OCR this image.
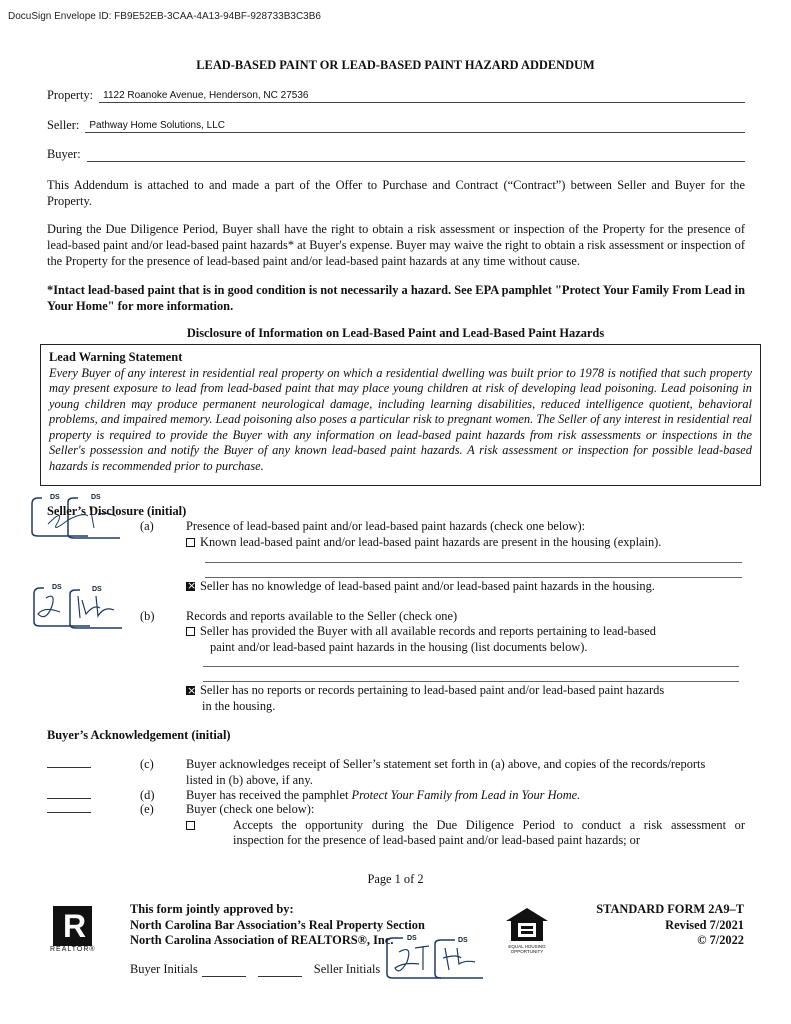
DocuSign Envelope ID: FB9E52EB-3CAA-4A13-94BF-928733B3C3B6
LEAD-BASED PAINT OR LEAD-BASED PAINT HAZARD ADDENDUM
Property:	1122 Roanoke Avenue, Henderson, NC 27536
Seller:	Pathway Home Solutions, LLC
Buyer:
This Addendum is attached to and made a part of the Offer to Purchase and Contract (“Contract”) between Seller and Buyer for the Property.
During the Due Diligence Period, Buyer shall have the right to obtain a risk assessment or inspection of the Property for the presence of lead-based paint and/or lead-based paint hazards* at Buyer's expense. Buyer may waive the right to obtain a risk assessment or inspection of the Property for the presence of lead-based paint and/or lead-based paint hazards at any time without cause.
*Intact lead-based paint that is in good condition is not necessarily a hazard. See EPA pamphlet "Protect Your Family From Lead in Your Home" for more information.
Disclosure of Information on Lead-Based Paint and Lead-Based Paint Hazards
Lead Warning Statement
Every Buyer of any interest in residential real property on which a residential dwelling was built prior to 1978 is notified that such property may present exposure to lead from lead-based paint that may place young children at risk of developing lead poisoning. Lead poisoning in young children may produce permanent neurological damage, including learning disabilities, reduced intelligence quotient, behavioral problems, and impaired memory. Lead poisoning also poses a particular risk to pregnant women. The Seller of any interest in residential real property is required to provide the Buyer with any information on lead-based paint hazards from risk assessments or inspections in the Seller's possession and notify the Buyer of any known lead-based paint hazards. A risk assessment or inspection for possible lead-based hazards is recommended prior to purchase.
DS	DS
DS	DS
Seller’s Disclosure (initial)
(a)	Presence of lead-based paint and/or lead-based paint hazards (check one below):
Known lead-based paint and/or lead-based paint hazards are present in the housing (explain).
×Seller has no knowledge of lead-based paint and/or lead-based paint hazards in the housing.
(b)	Records and reports available to the Seller (check one)
Seller has provided the Buyer with all available records and reports pertaining to lead-based
paint and/or lead-based paint hazards in the housing (list documents below).
×Seller has no reports or records pertaining to lead-based paint and/or lead-based paint hazards
in the housing.
Buyer’s Acknowledgement (initial)
(c)	Buyer acknowledges receipt of Seller’s statement set forth in (a) above, and copies of the records/reports
listed in (b) above, if any.
(d)	Buyer has received the pamphlet Protect Your Family from Lead in Your Home.
(e)	Buyer (check one below):
Accepts the opportunity during the Due Diligence Period to conduct a risk assessment or
inspection for the presence of lead-based paint and/or lead-based paint hazards; or
Page 1 of 2
R
REALTOR®
This form jointly approved by:
North Carolina Bar Association’s Real Property Section
North Carolina Association of REALTORS®, Inc.	EQUAL HOUSING OPPORTUNITY
STANDARD FORM 2A9–T
Revised 7/2021
© 7/2022
Buyer Initials	Seller Initials
DS	DS
